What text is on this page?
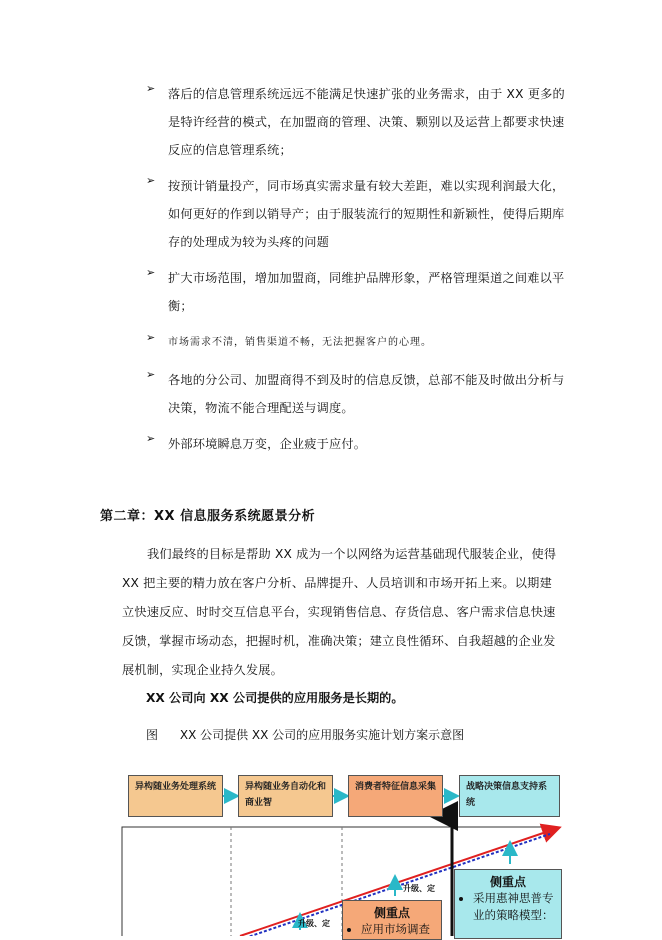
➢ 落后的信息管理系统远远不能满足快速扩张的业务需求，由于 XX 更多的是特许经营的模式，在加盟商的管理、决策、颗别以及运营上都要求快速反应的信息管理系统；
➢ 按预计销量投产，同市场真实需求量有较大差距，难以实现利润最大化，如何更好的作到以销导产；由于服装流行的短期性和新颖性，使得后期库存的处理成为较为头疼的问题
➢ 扩大市场范围，增加加盟商，同维护品牌形象，严格管理渠道之间难以平衡；
➢ 市场需求不清，销售渠道不畅，无法把握客户的心理。
➢ 各地的分公司、加盟商得不到及时的信息反馈，总部不能及时做出分析与决策，物流不能合理配送与调度。
➢ 外部环境瞬息万变，企业疲于应付。
第二章：XX 信息服务系统愿景分析
我们最终的目标是帮助 XX 成为一个以网络为运营基础现代服装企业，使得 XX 把主要的精力放在客户分析、品牌提升、人员培训和市场开拓上来。以期建立快速反应、时时交互信息平台，实现销售信息、存货信息、客户需求信息快速反馈，掌握市场动态，把握时机，准确决策；建立良性循环、自我超越的企业发展机制，实现企业持久发展。
XX 公司向 XX 公司提供的应用服务是长期的。
图 XX 公司提供 XX 公司的应用服务实施计划方案示意图
异构随业务处理系统	异构随业务自动化和商业智
消费者特征信息采集	战略决策信息支持系统
升级、定
升级、定
侧重点
• 应用市场调查
侧重点
• 采用惠神思普专业的策略模型：
